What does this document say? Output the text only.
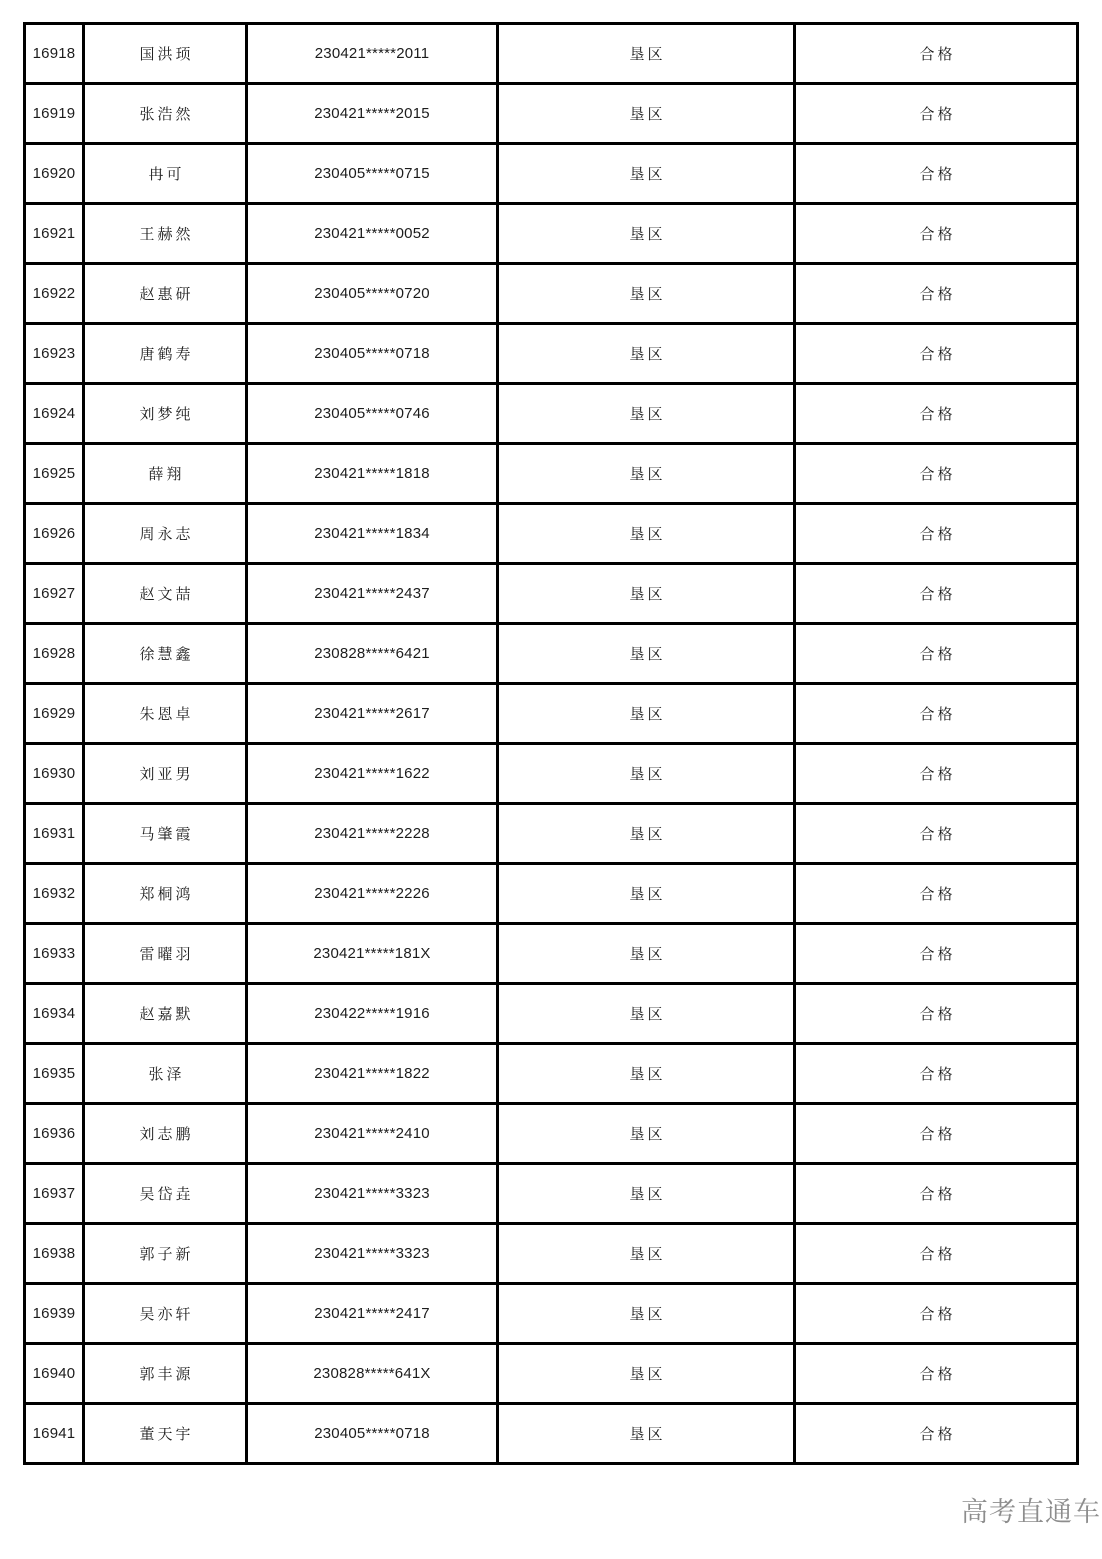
16918	国洪顼	230421*****2011	垦区	合格
16919	张浩然	230421*****2015	垦区	合格
16920	冉可	230405*****0715	垦区	合格
16921	王赫然	230421*****0052	垦区	合格
16922	赵惠研	230405*****0720	垦区	合格
16923	唐鹤寿	230405*****0718	垦区	合格
16924	刘梦纯	230405*****0746	垦区	合格
16925	薛翔	230421*****1818	垦区	合格
16926	周永志	230421*****1834	垦区	合格
16927	赵文喆	230421*****2437	垦区	合格
16928	徐慧鑫	230828*****6421	垦区	合格
16929	朱恩卓	230421*****2617	垦区	合格
16930	刘亚男	230421*****1622	垦区	合格
16931	马肇霞	230421*****2228	垦区	合格
16932	郑桐鸿	230421*****2226	垦区	合格
16933	雷曜羽	230421*****181X	垦区	合格
16934	赵嘉默	230422*****1916	垦区	合格
16935	张泽	230421*****1822	垦区	合格
16936	刘志鹏	230421*****2410	垦区	合格
16937	吴岱垚	230421*****3323	垦区	合格
16938	郭子新	230421*****3323	垦区	合格
16939	吴亦轩	230421*****2417	垦区	合格
16940	郭丰源	230828*****641X	垦区	合格
16941	董天宇	230405*****0718	垦区	合格
高考直通车
